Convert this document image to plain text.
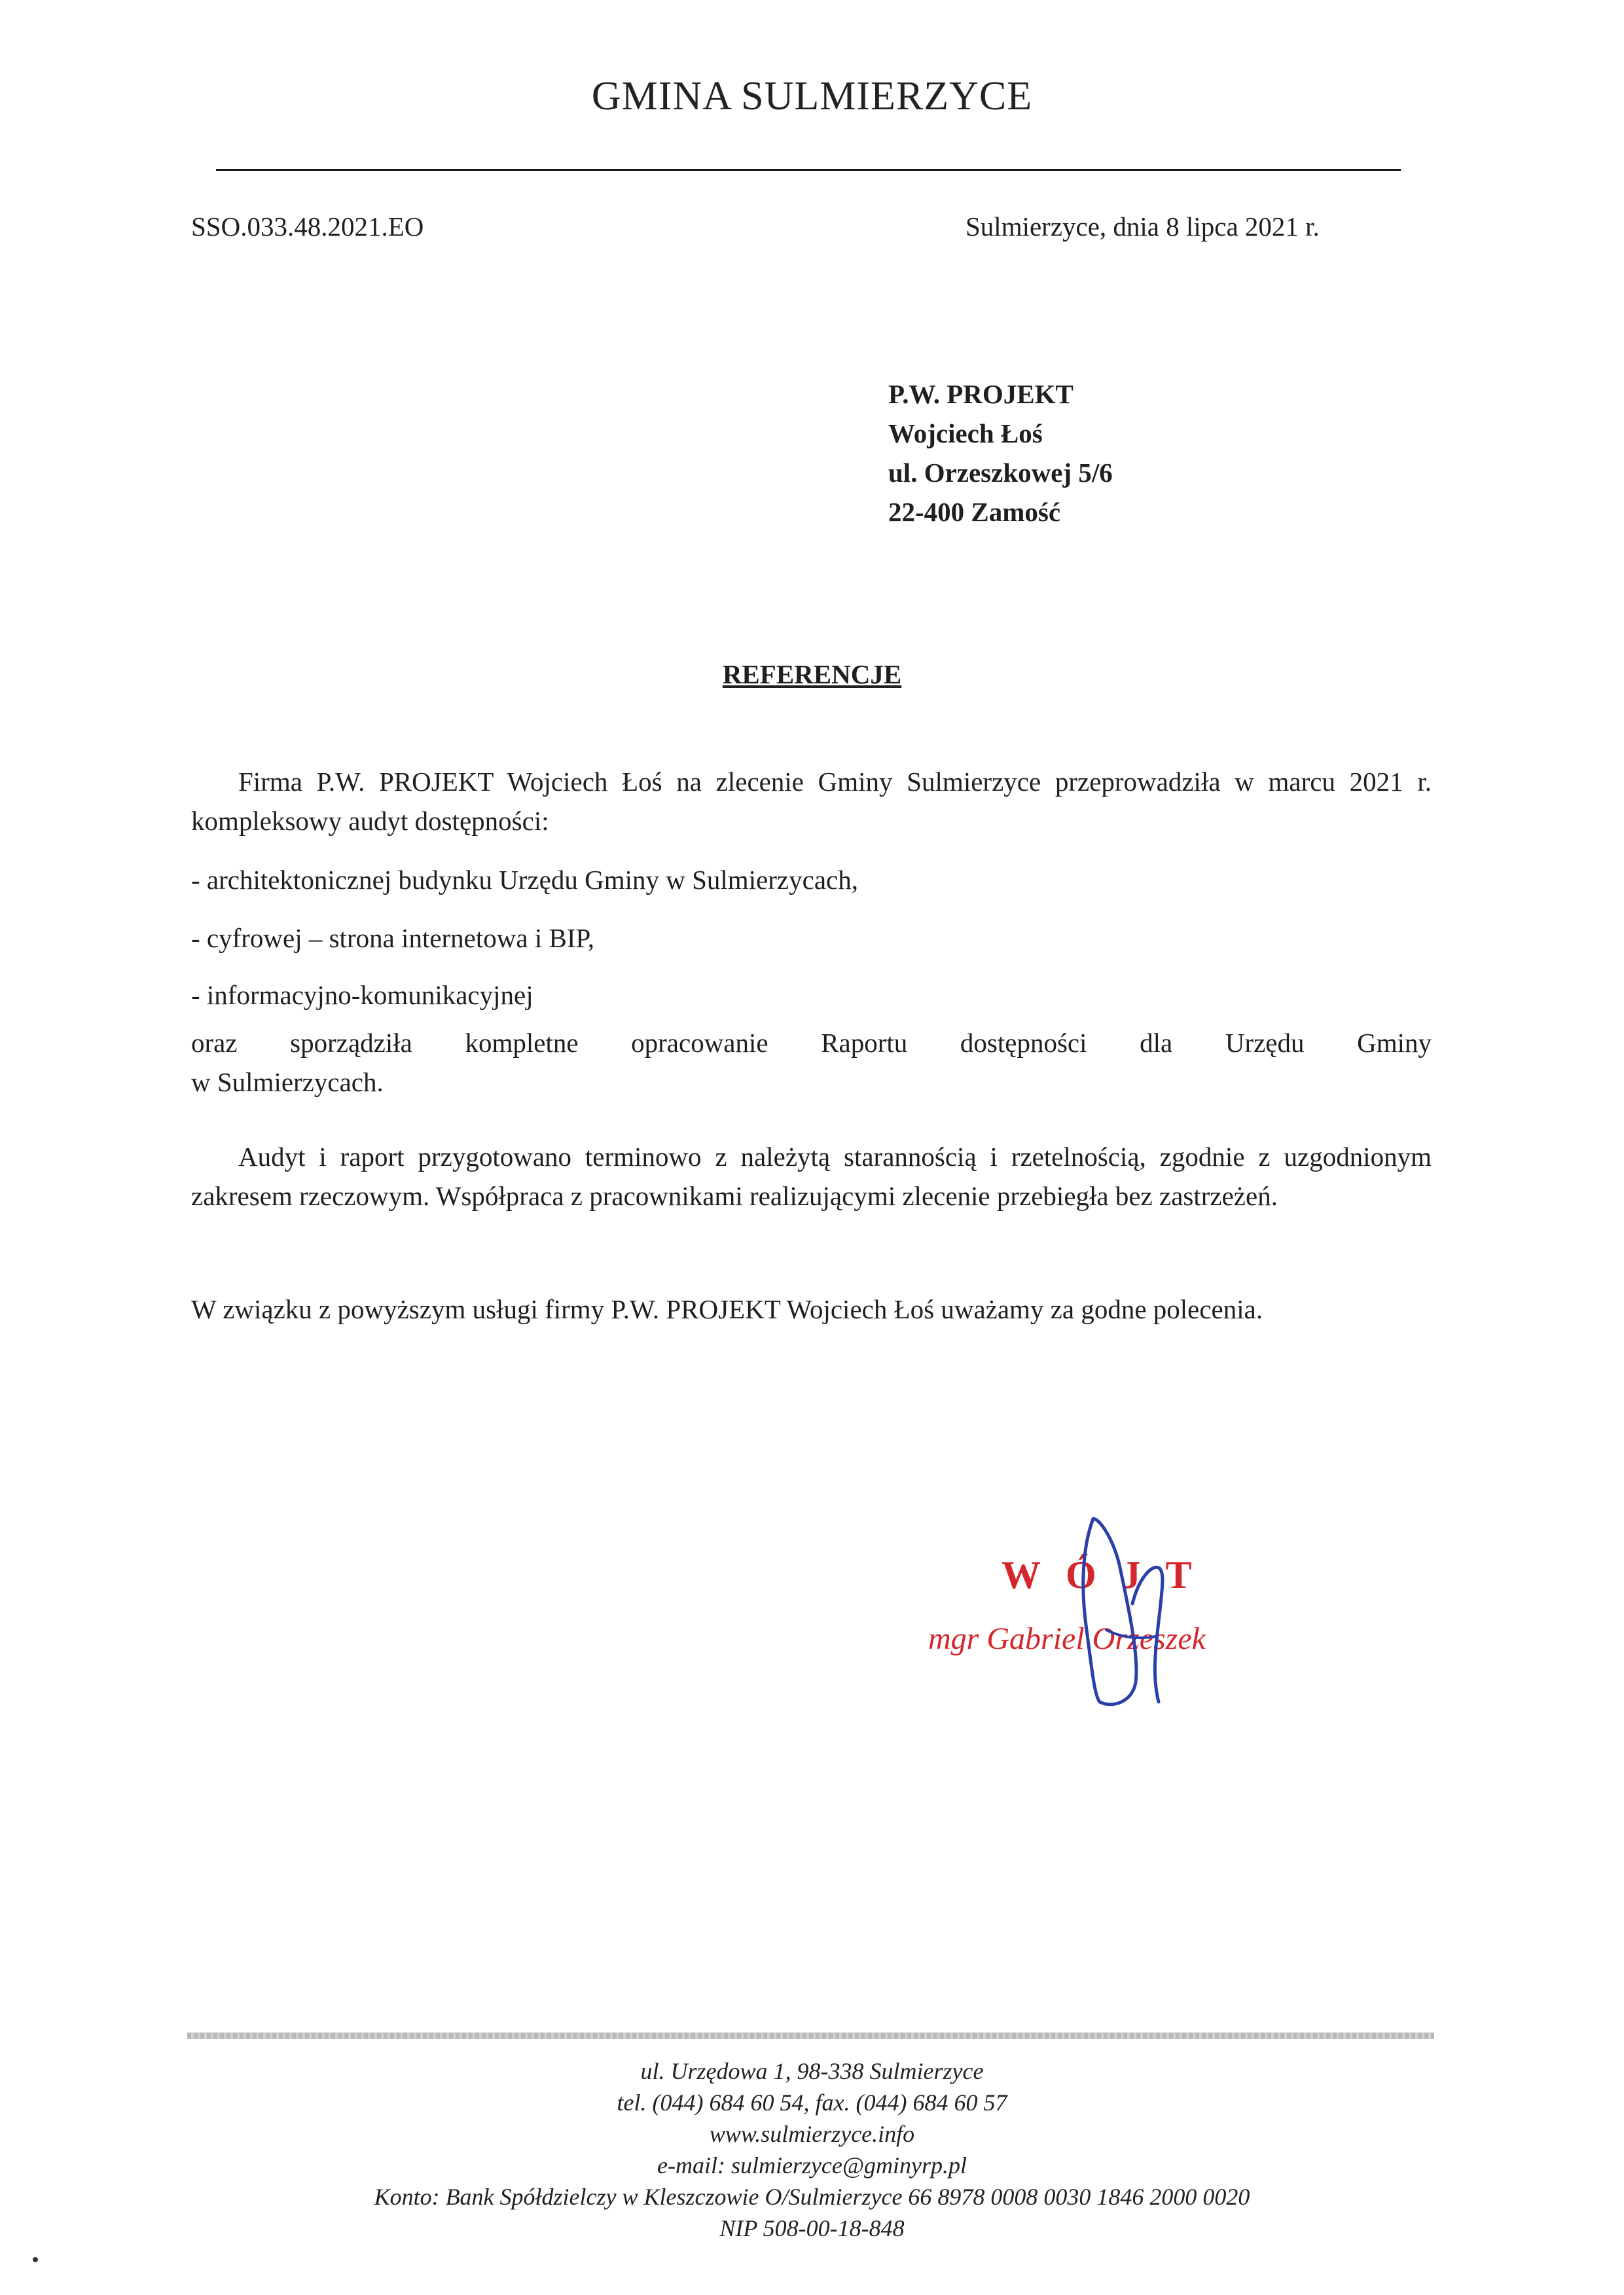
GMINA SULMIERZYCE
SSO.033.48.2021.EO	Sulmierzyce, dnia 8 lipca 2021 r.
P.W. PROJEKT
Wojciech Łoś
ul. Orzeszkowej 5/6
22-400 Zamość
REFERENCJE

Firma P.W. PROJEKT Wojciech Łoś na zlecenie Gminy Sulmierzyce przeprowadziła w marcu 2021 r. kompleksowy audyt dostępności:

- architektonicznej budynku Urzędu Gminy w Sulmierzycach,

- cyfrowej – strona internetowa i BIP,

- informacyjno-komunikacyjnej

oraz sporządziła kompletne opracowanie Raportu dostępności dla Urzędu Gminy
w Sulmierzycach.

Audyt i raport przygotowano terminowo z należytą starannością i rzetelnością, zgodnie z uzgodnionym zakresem rzeczowym. Współpraca z pracownikami realizującymi zlecenie przebiegła bez zastrzeżeń.

W związku z powyższym usługi firmy P.W. PROJEKT Wojciech Łoś uważamy za godne polecenia.

WÓJT
mgr Gabriel Orzeszek
ul. Urzędowa 1, 98-338 Sulmierzyce
tel. (044) 684 60 54, fax. (044) 684 60 57
www.sulmierzyce.info
e-mail: sulmierzyce@gminyrp.pl
Konto: Bank Spółdzielczy w Kleszczowie O/Sulmierzyce 66 8978 0008 0030 1846 2000 0020
NIP 508-00-18-848
